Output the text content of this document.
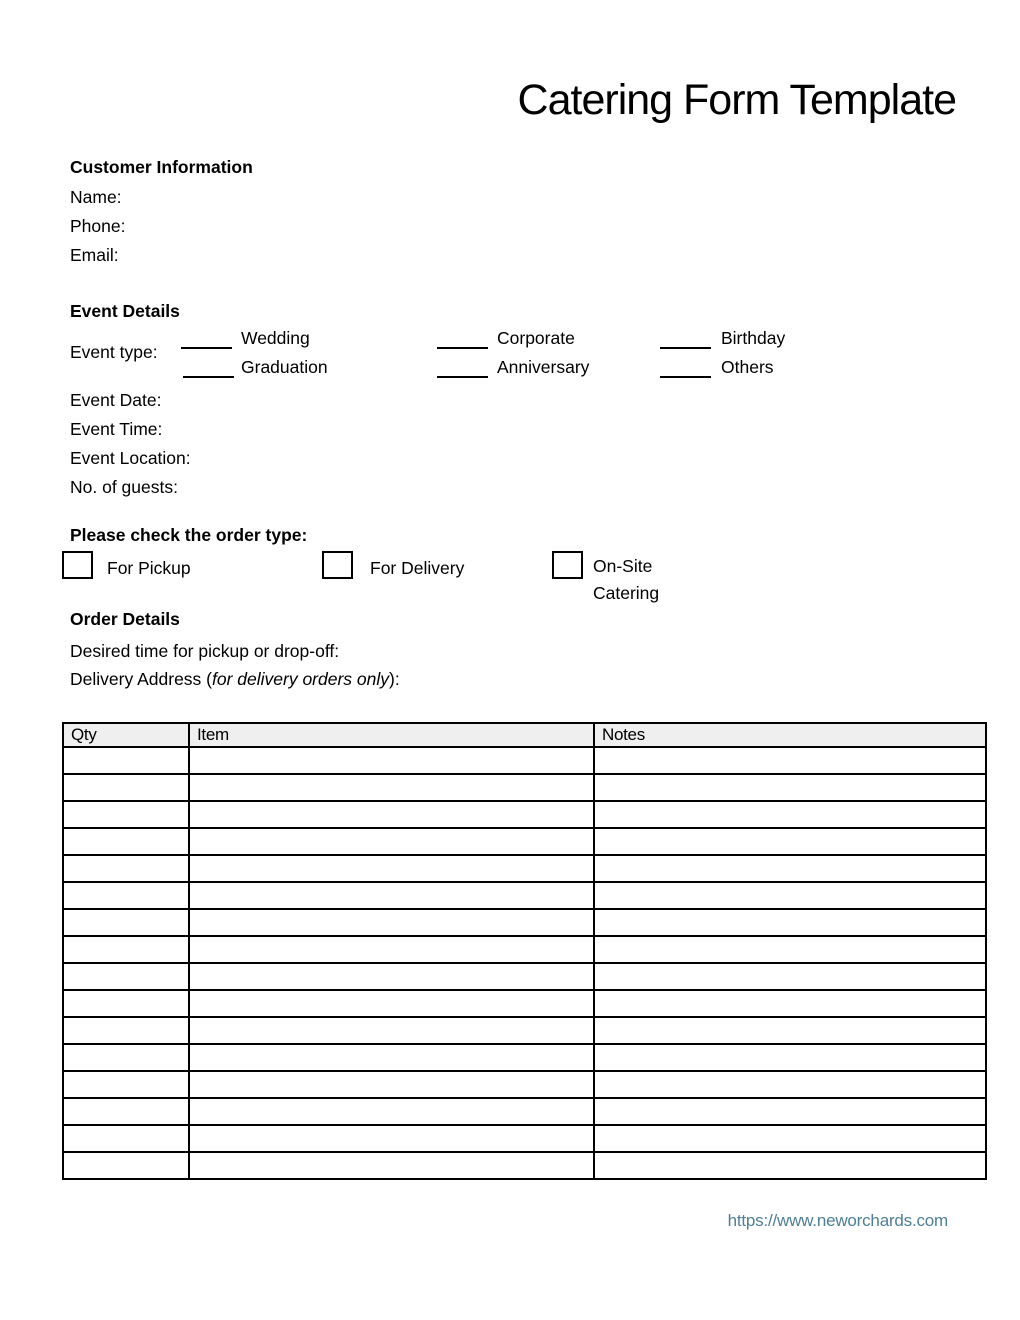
Catering Form Template
Customer Information
Name:
Phone:
Email:
Event Details
Event type:
Wedding	Corporate	Birthday
Graduation	Anniversary	Others
Event Date:
Event Time:
Event Location:
No. of guests:
Please check the order type:
For Pickup	For Delivery	On-Site
Catering
Order Details
Desired time for pickup or drop-off:
Delivery Address (for delivery orders only):
Qty	Item	Notes

https://www.neworchards.com
